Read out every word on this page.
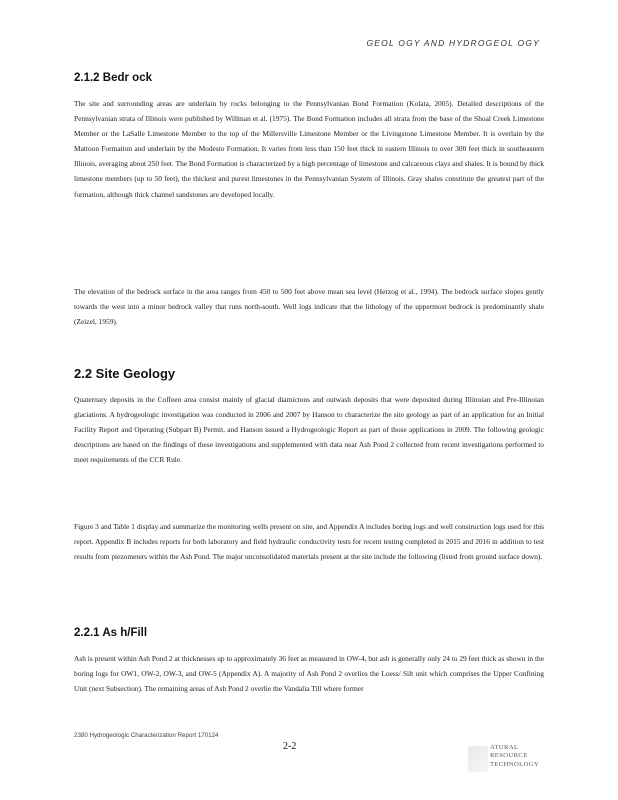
GEOL OGY AND HYDROGEOL OGY
2.1.2 Bedr ock

The site and surrounding areas are underlain by rocks belonging to the Pennsylvanian Bond Formation (Kolata, 2005). Detailed descriptions of the Pennsylvanian strata of Illinois were published by Willman et al. (1975). The Bond Formation includes all strata from the base of the Shoal Creek Limestone Member or the LaSalle Limestone Member to the top of the Millersville Limestone Member or the Livingstone Limestone Member. It is overlain by the Mattoon Formation and underlain by the Modesto Formation. It varies from less than 150 feet thick in eastern Illinois to over 300 feet thick in southeastern Illinois, averaging about 250 feet. The Bond Formation is characterized by a high percentage of limestone and calcareous clays and shales. It is bound by thick limestone members (up to 50 feet), the thickest and purest limestones in the Pennsylvanian System of Illinois. Gray shales constitute the greatest part of the formation, although thick channel sandstones are developed locally.

The elevation of the bedrock surface in the area ranges from 450 to 500 feet above mean sea level (Herzog et al., 1994). The bedrock surface slopes gently towards the west into a minor bedrock valley that runs north-south. Well logs indicate that the lithology of the uppermost bedrock is predominantly shale (Zeizel, 1959).

2.2 Site Geology

Quaternary deposits in the Coffeen area consist mainly of glacial diamictons and outwash deposits that were deposited during Illinoian and Pre-Illinoian glaciations. A hydrogeologic investigation was conducted in 2006 and 2007 by Hanson to characterize the site geology as part of an application for an Initial Facility Report and Operating (Subpart B) Permit, and Hanson issued a Hydrogeologic Report as part of those applications in 2009. The following geologic descriptions are based on the findings of these investigations and supplemented with data near Ash Pond 2 collected from recent investigations performed to meet requirements of the CCR Rule.

Figure 3 and Table 1 display and summarize the monitoring wells present on site, and Appendix A includes boring logs and well construction logs used for this report. Appendix B includes reports for both laboratory and field hydraulic conductivity tests for recent testing completed in 2015 and 2016 in addition to test results from piezometers within the Ash Pond. The major unconsolidated materials present at the site include the following (listed from ground surface down).

2.2.1 As h/Fill

Ash is present within Ash Pond 2 at thicknesses up to approximately 36 feet as measured in OW-4, but ash is generally only 24 to 29 feet thick as shown in the boring logs for OW1, OW-2, OW-3, and OW-5 (Appendix A). A majority of Ash Pond 2 overlies the Loess/ Silt unit which comprises the Upper Confining Unit (next Subsection). The remaining areas of Ash Pond 2 overlie the Vandalia Till where former

2380 Hydrogeologic Characterization Report 170124
2-2	ATURAL
RESOURCE
TECHNOLOGY
